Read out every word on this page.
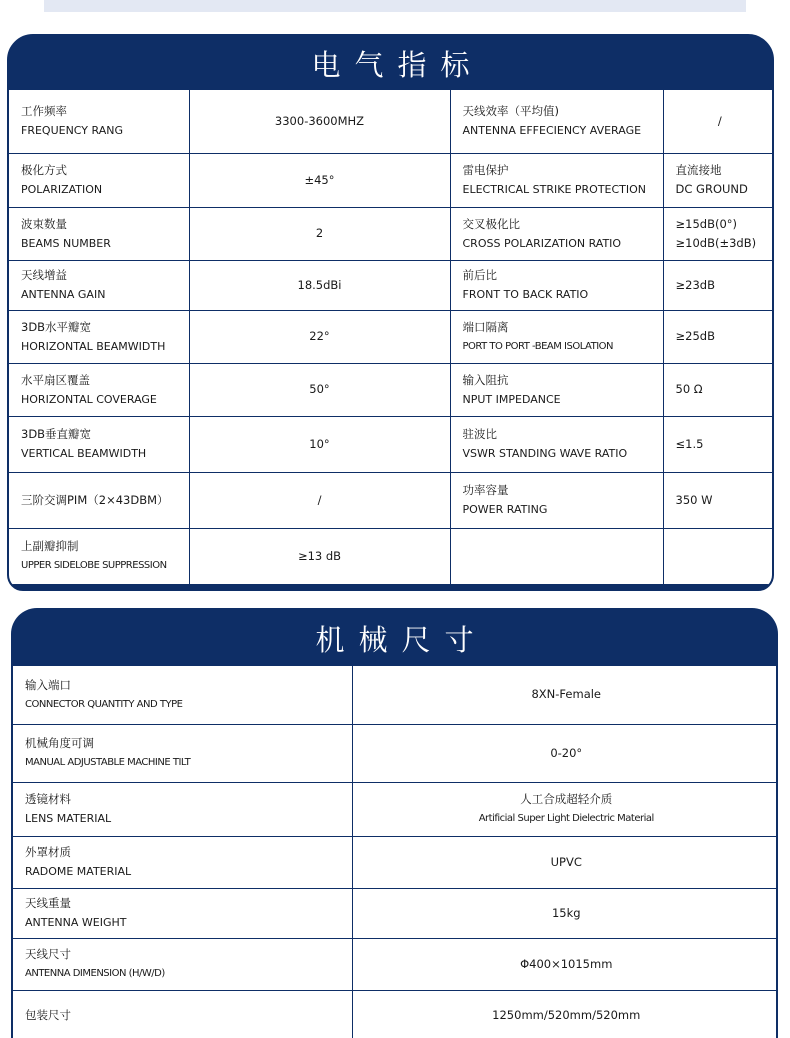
电气指标
工作频率
FREQUENCY RANG	3300-3600MHZ	天线效率（平均值)
ANTENNA EFFECIENCY AVERAGE	/

极化方式
POLARIZATION	±45°	雷电保护
ELECTRICAL STRIKE PROTECTION	直流接地
DC GROUND

波束数量
BEAMS NUMBER	2	交叉极化比
CROSS POLARIZATION RATIO	≥15dB(0°)
≥10dB(±3dB)

天线增益
ANTENNA GAIN	18.5dBi	前后比
FRONT TO BACK RATIO	≥23dB

3DB水平瓣宽
HORIZONTAL BEAMWIDTH	22°	端口隔离
PORT TO PORT -BEAM ISOLATION	≥25dB

水平扇区覆盖
HORIZONTAL COVERAGE	50°	输入阻抗
NPUT IMPEDANCE	50 Ω

3DB垂直瓣宽
VERTICAL BEAMWIDTH	10°	驻波比
VSWR STANDING WAVE RATIO	≤1.5

三阶交调PIM（2×43DBM）	/	功率容量
POWER RATING	350 W

上副瓣抑制
UPPER SIDELOBE SUPPRESSION	≥13 dB		

机械尺寸
输入端口
CONNECTOR QUANTITY AND TYPE	8XN-Female

机械角度可调
MANUAL ADJUSTABLE MACHINE TILT	0-20°

透镜材料
LENS MATERIAL	人工合成超轻介质
Artificial Super Light Dielectric Material

外罩材质
RADOME MATERIAL	UPVC

天线重量
ANTENNA WEIGHT	15kg

天线尺寸
ANTENNA DIMENSION (H/W/D)	Φ400×1015mm

包装尺寸	1250mm/520mm/520mm
